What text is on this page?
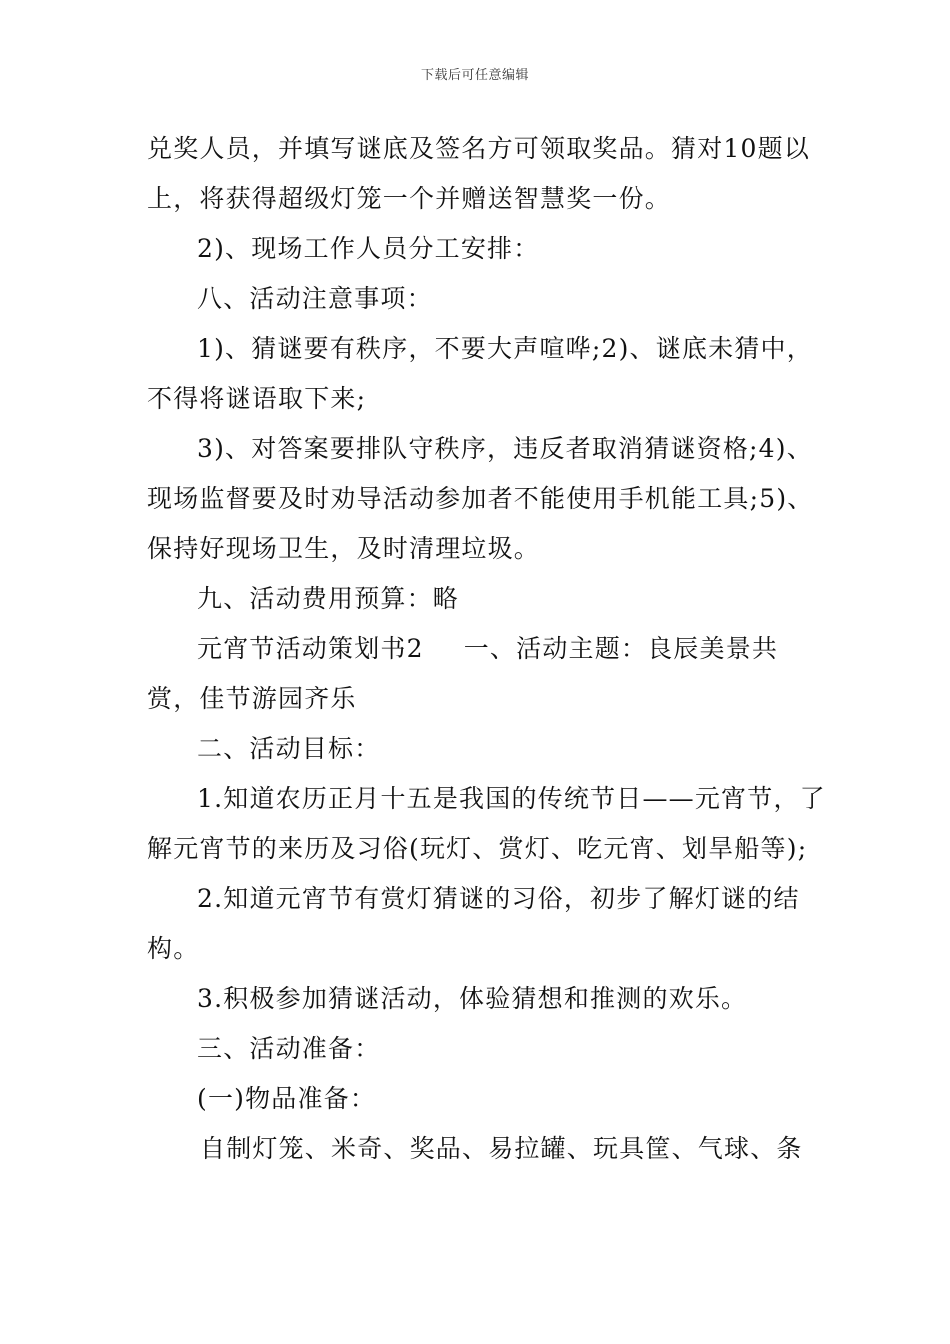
下载后可任意编辑

兑奖人员，并填写谜底及签名方可领取奖品。猜对10题以上，将获得超级灯笼一个并赠送智慧奖一份。

2)、现场工作人员分工安排：

八、活动注意事项：

1)、猜谜要有秩序，不要大声喧哗;2)、谜底未猜中，不得将谜语取下来;

3)、对答案要排队守秩序，违反者取消猜谜资格;4)、现场监督要及时劝导活动参加者不能使用手机能工具;5)、保持好现场卫生，及时清理垃圾。

九、活动费用预算：略

元宵节活动策划书2 一、活动主题：良辰美景共赏，佳节游园齐乐

二、活动目标：

1.知道农历正月十五是我国的传统节日——元宵节，了解元宵节的来历及习俗(玩灯、赏灯、吃元宵、划旱船等);

2.知道元宵节有赏灯猜谜的习俗，初步了解灯谜的结构。

3.积极参加猜谜活动，体验猜想和推测的欢乐。

三、活动准备：

(一)物品准备：

自制灯笼、米奇、奖品、易拉罐、玩具筐、气球、条
